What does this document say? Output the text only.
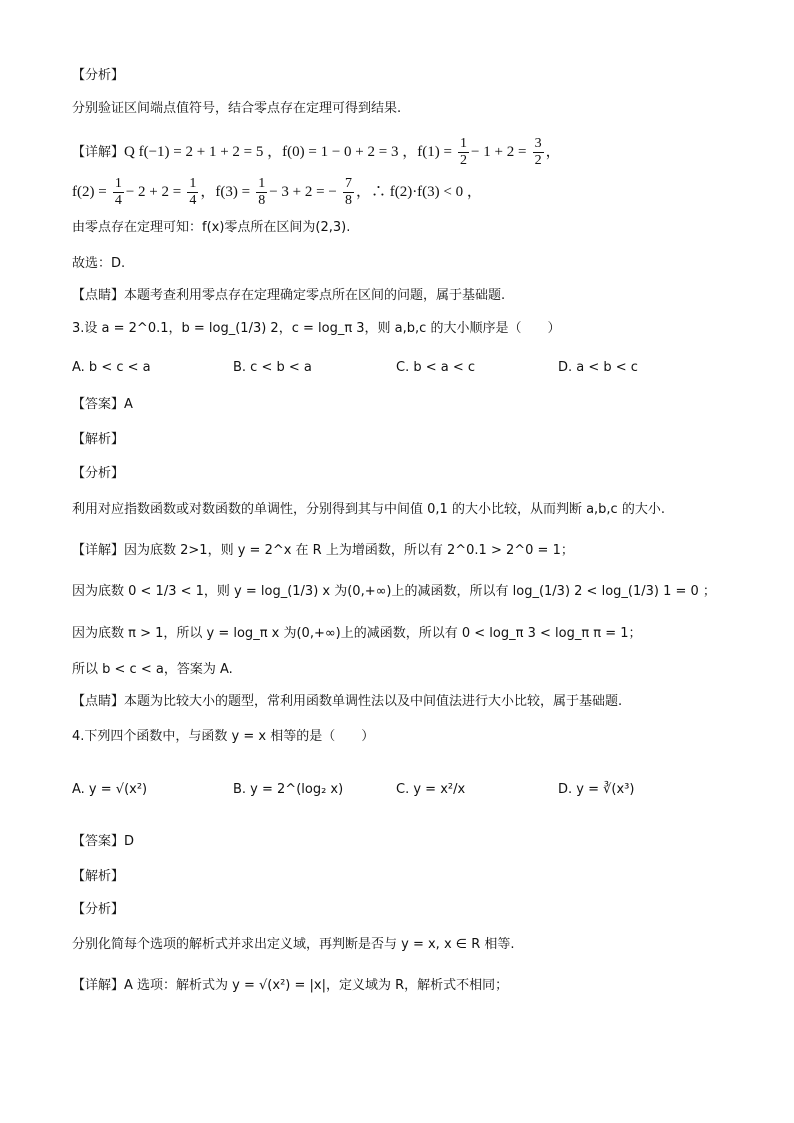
【分析】
分别验证区间端点值符号，结合零点存在定理可得到结果.
【详解】Q f(−1) = 2 + 1 + 2 = 5 ，f(0) = 1 − 0 + 2 = 3 ，$f(1) = \frac{1}{2} - 1 + 2 = \frac{3}{2}$ ，
$f(2) = \frac{1}{4} - 2 + 2 = \frac{1}{4}$ ，$f(3) = \frac{1}{8} - 3 + 2$ = − $\frac{7}{8}$ ，∴ f(2)·f(3) < 0 ，
由零点存在定理可知：f(x)零点所在区间为(2,3).
故选：D.
【点睛】本题考查利用零点存在定理确定零点所在区间的问题，属于基础题.
3.设 a = 2^0.1，b = log_(1/3) 2，c = log_π 3，则 a,b,c 的大小顺序是（　　）
A. b < c < a	B. c < b < a	C. b < a < c	D. a < b < c
【答案】A
【解析】
【分析】
利用对应指数函数或对数函数的单调性，分别得到其与中间值 0,1 的大小比较，从而判断 a,b,c 的大小.
【详解】因为底数 2>1，则 y = 2^x 在 R 上为增函数，所以有 2^0.1 > 2^0 = 1；
因为底数 0 < 1/3 < 1，则 y = log_(1/3) x 为(0,+∞)上的减函数，所以有 log_(1/3) 2 < log_(1/3) 1 = 0 ；
因为底数 π > 1，所以 y = log_π x 为(0,+∞)上的减函数，所以有 0 < log_π 3 < log_π π = 1；
所以 b < c < a，答案为 A.
【点睛】本题为比较大小的题型，常利用函数单调性法以及中间值法进行大小比较，属于基础题.
4.下列四个函数中，与函数 y = x 相等的是（　　）
A. y = √(x²)	B. y = 2^(log₂ x)	C. y = x²/x	D. y = ∛(x³)
【答案】D
【解析】
【分析】
分别化简每个选项的解析式并求出定义域，再判断是否与 y = x, x ∈ R 相等.
【详解】A 选项：解析式为 y = √(x²) = |x|，定义域为 R，解析式不相同；
